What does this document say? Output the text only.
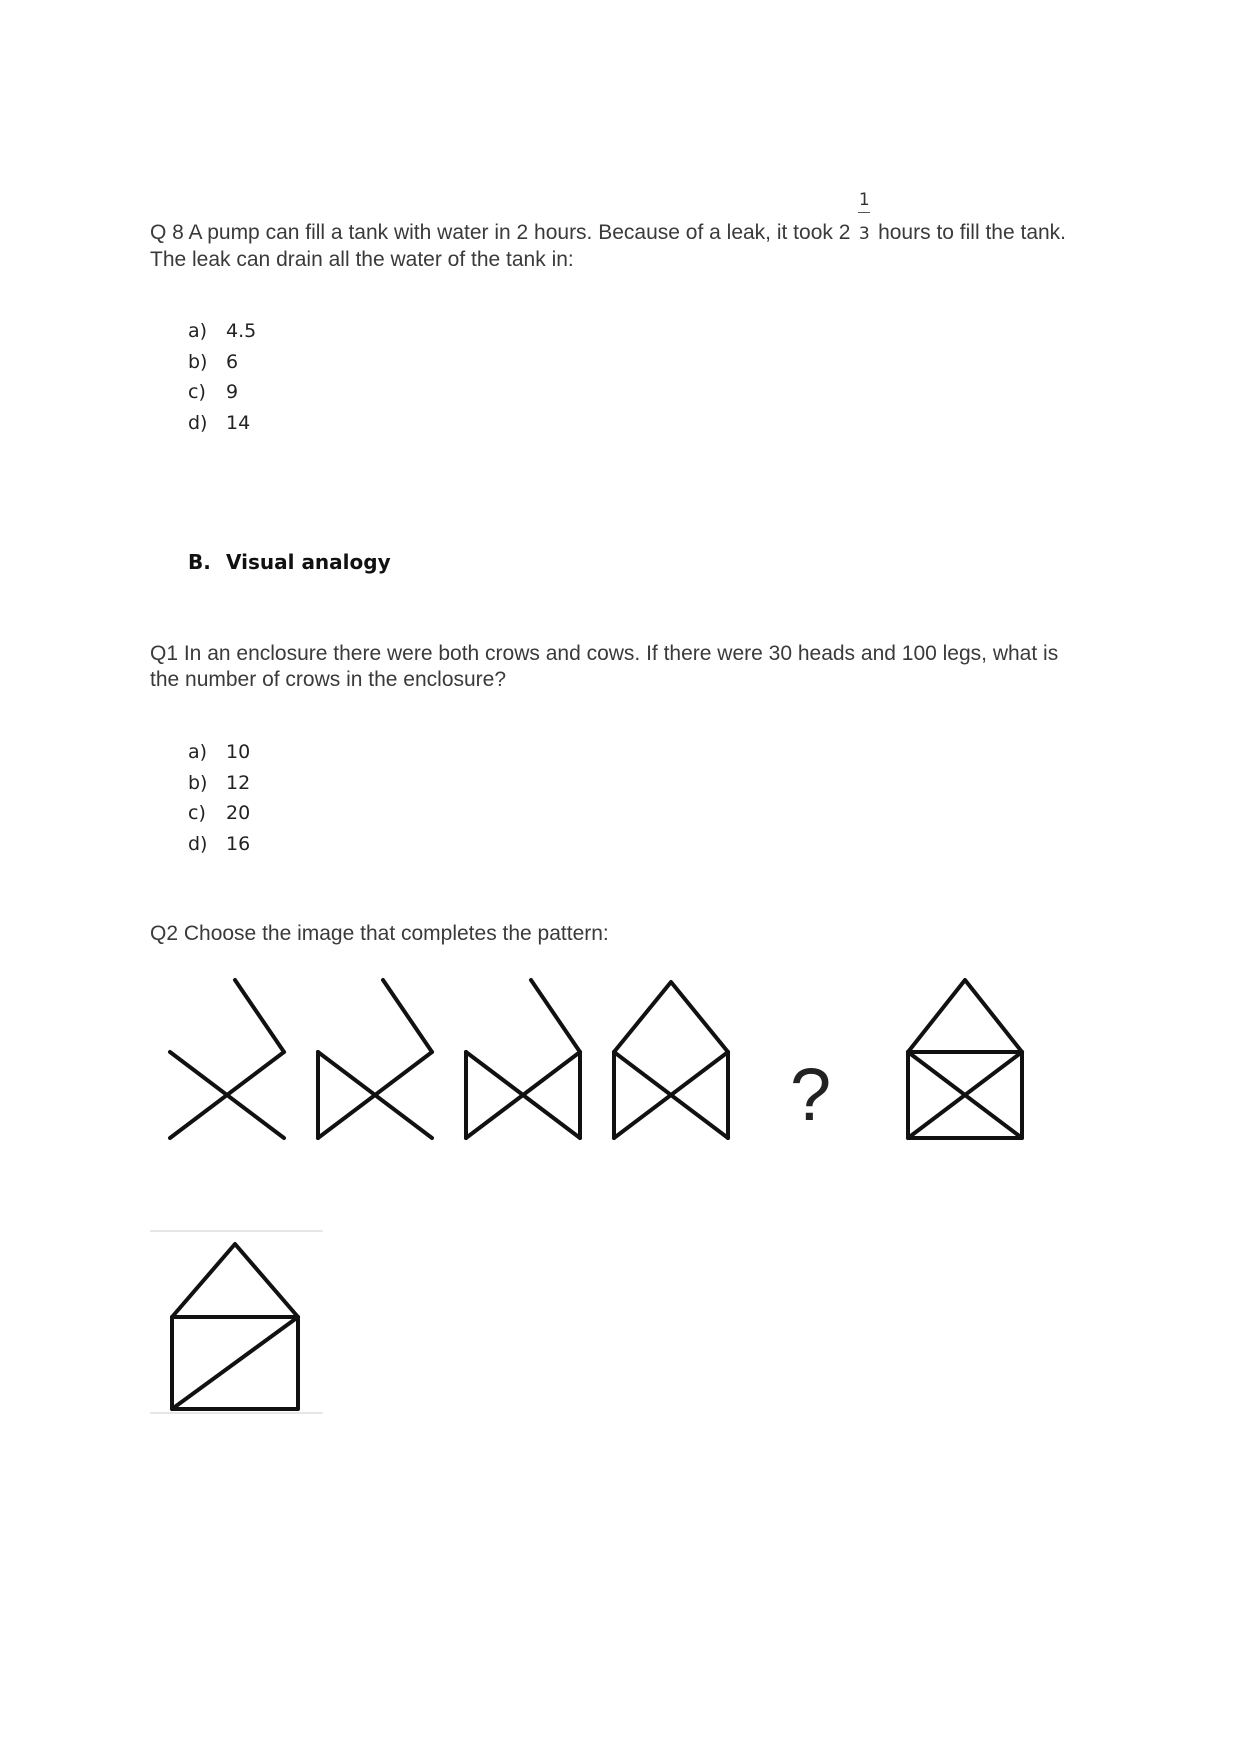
Q 8 A pump can fill a tank with water in 2 hours. Because of a leak, it took $2 \frac{1}{3}$ hours to fill the tank. The leak can drain all the water of the tank in:

a) 4.5
b) 6
c) 9
d) 14
B. Visual analogy

Q1 In an enclosure there were both crows and cows. If there were 30 heads and 100 legs, what is the number of crows in the enclosure?

a) 10
b) 12
c) 20
d) 16

Q2 Choose the image that completes the pattern:

?
